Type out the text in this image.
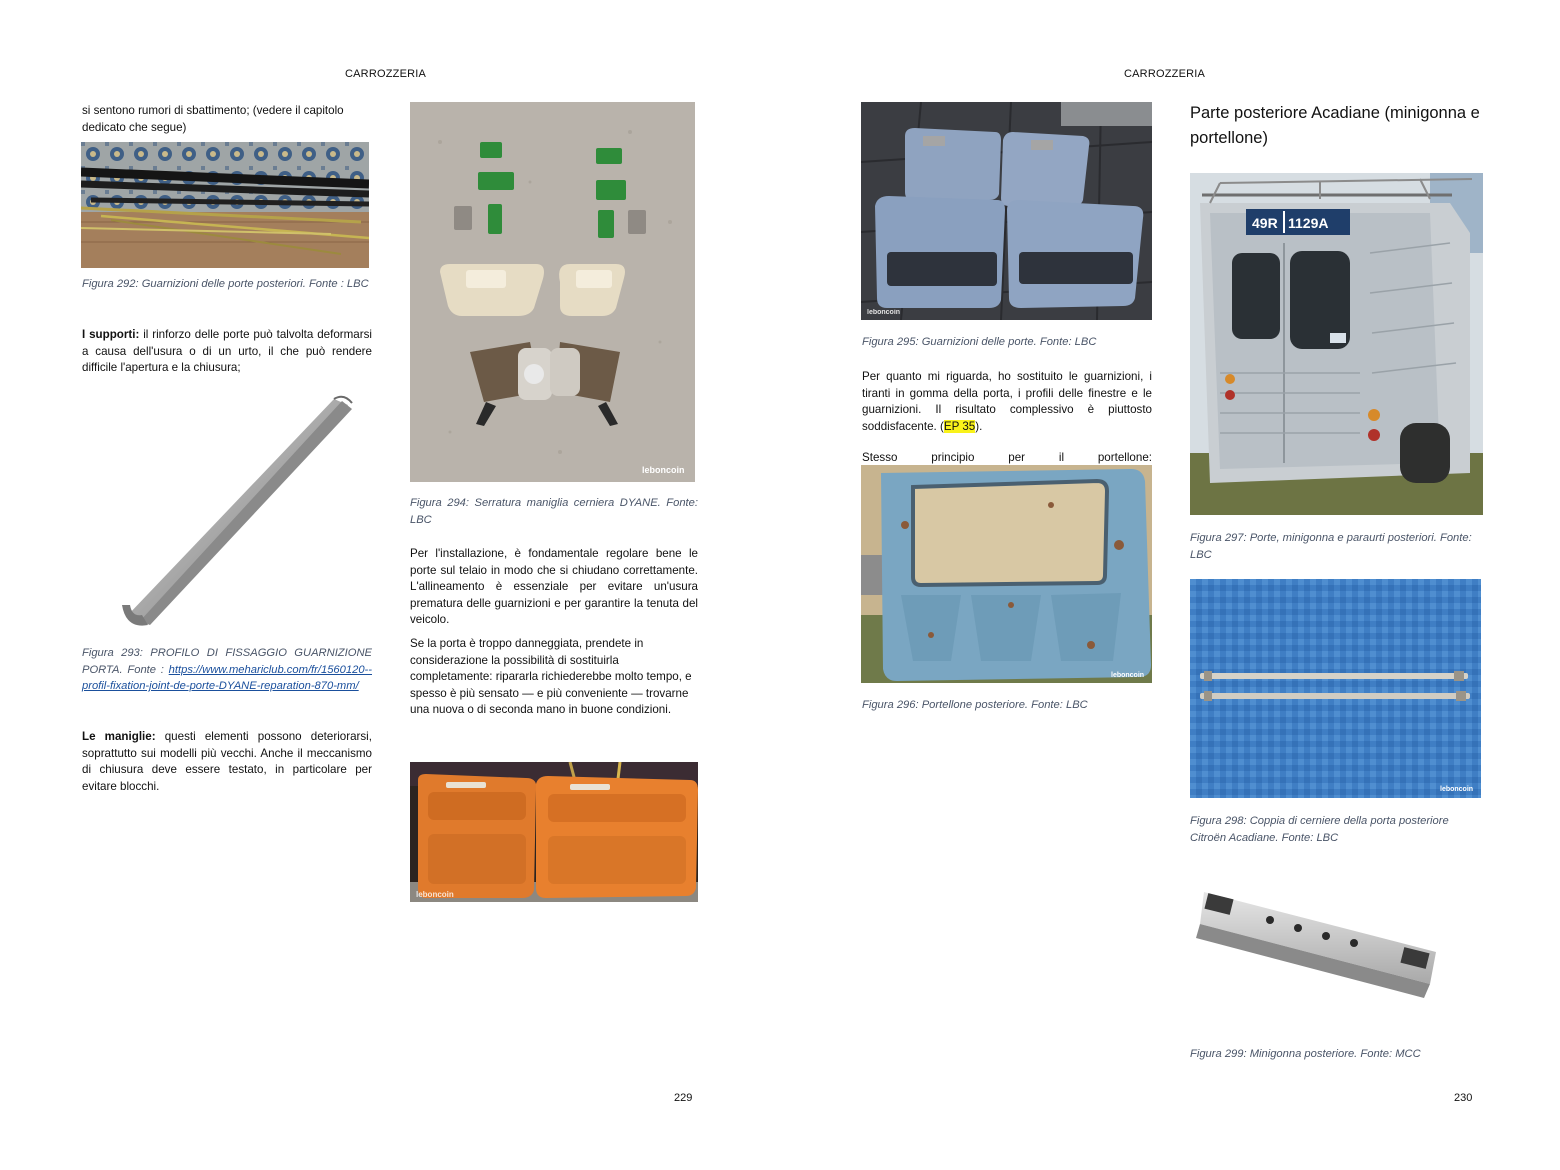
CARROZZERIA
si sentono rumori di sbattimento; (vedere il capitolo dedicato che segue)
Figura 292: Guarnizioni delle porte posteriori. Fonte : LBC
I supporti: il rinforzo delle porte può talvolta deformarsi a causa dell'usura o di un urto, il che può rendere difficile l'apertura e la chiusura;
Figura 293: PROFILO DI FISSAGGIO GUARNIZIONE PORTA. Fonte : https://www.mehariclub.com/fr/1560120--profil-fixation-joint-de-porte-DYANE-reparation-870-mm/
Le maniglie: questi elementi possono deteriorarsi, soprattutto sui modelli più vecchi. Anche il meccanismo di chiusura deve essere testato, in particolare per evitare blocchi.
leboncoin
Figura 294: Serratura maniglia cerniera DYANE. Fonte: LBC
Per l'installazione, è fondamentale regolare bene le porte sul telaio in modo che si chiudano correttamente. L'allineamento è essenziale per evitare un'usura prematura delle guarnizioni e per garantire la tenuta del veicolo.
Se la porta è troppo danneggiata, prendete in considerazione la possibilità di sostituirla completamente: ripararla richiederebbe molto tempo, e spesso è più sensato — e più conveniente — trovarne una nuova o di seconda mano in buone condizioni.
leboncoin
229
CARROZZERIA
leboncoin
Figura 295: Guarnizioni delle porte. Fonte: LBC
Per quanto mi riguarda, ho sostituito le guarnizioni, i tiranti in gomma della porta, i profili delle finestre e le guarnizioni. Il risultato complessivo è piuttosto soddisfacente. (EP 35).
Stesso principio per il portellone:
leboncoin
Figura 296: Portellone posteriore. Fonte: LBC
Parte posteriore Acadiane (minigonna e portellone)
49R 1129A
Figura 297: Porte, minigonna e paraurti posteriori. Fonte: LBC
leboncoin
Figura 298: Coppia di cerniere della porta posteriore Citroën Acadiane. Fonte: LBC
Figura 299: Minigonna posteriore. Fonte: MCC
230
